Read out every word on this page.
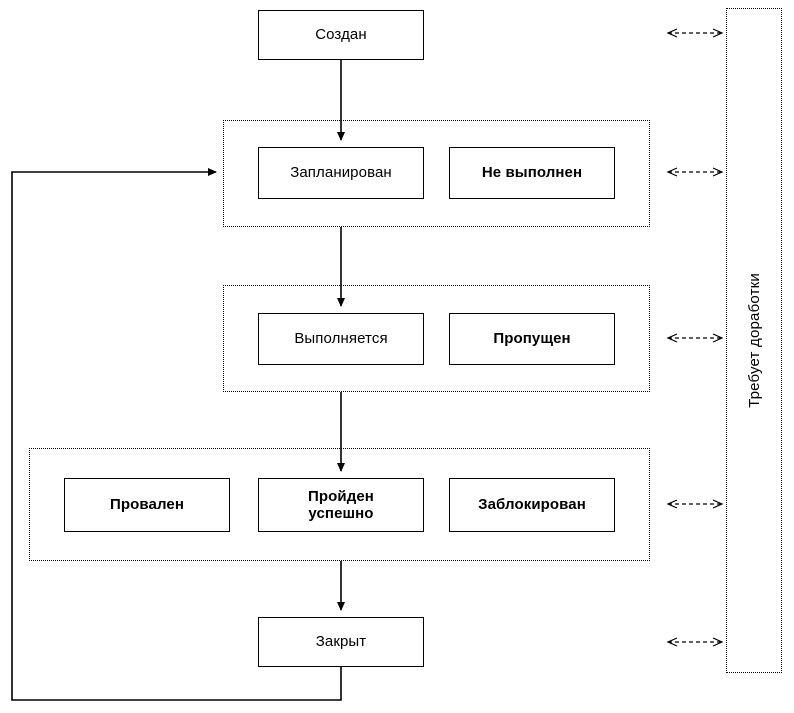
Создан
Запланирован	Не выполнен
Выполняется	Пропущен
Провален
Пройден успешно
Заблокирован
Закрыт
Требует доработки
